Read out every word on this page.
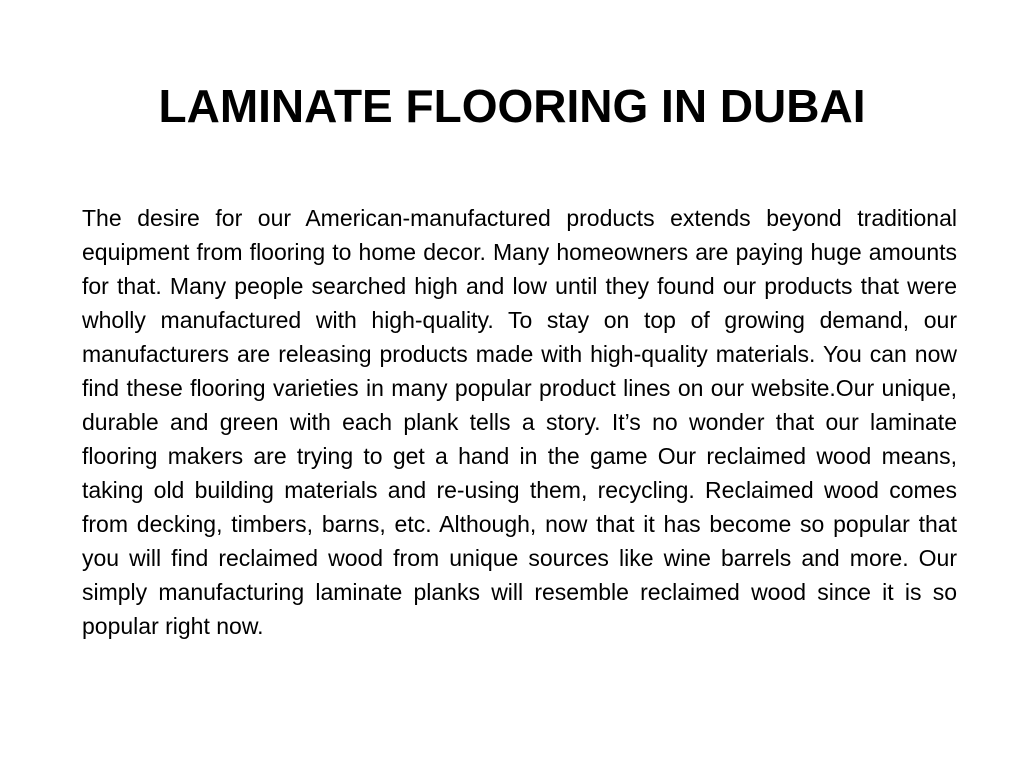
LAMINATE FLOORING IN DUBAI

The desire for our American-manufactured products extends beyond traditional equipment from flooring to home decor. Many homeowners are paying huge amounts for that. Many people searched high and low until they found our products that were wholly manufactured with high-quality. To stay on top of growing demand, our manufacturers are releasing products made with high-quality materials. You can now find these flooring varieties in many popular product lines on our website.Our unique, durable and green with each plank tells a story. It’s no wonder that our laminate flooring makers are trying to get a hand in the game Our reclaimed wood means, taking old building materials and re-using them, recycling. Reclaimed wood comes from decking, timbers, barns, etc. Although, now that it has become so popular that you will find reclaimed wood from unique sources like wine barrels and more. Our simply manufacturing laminate planks will resemble reclaimed wood since it is so popular right now.
